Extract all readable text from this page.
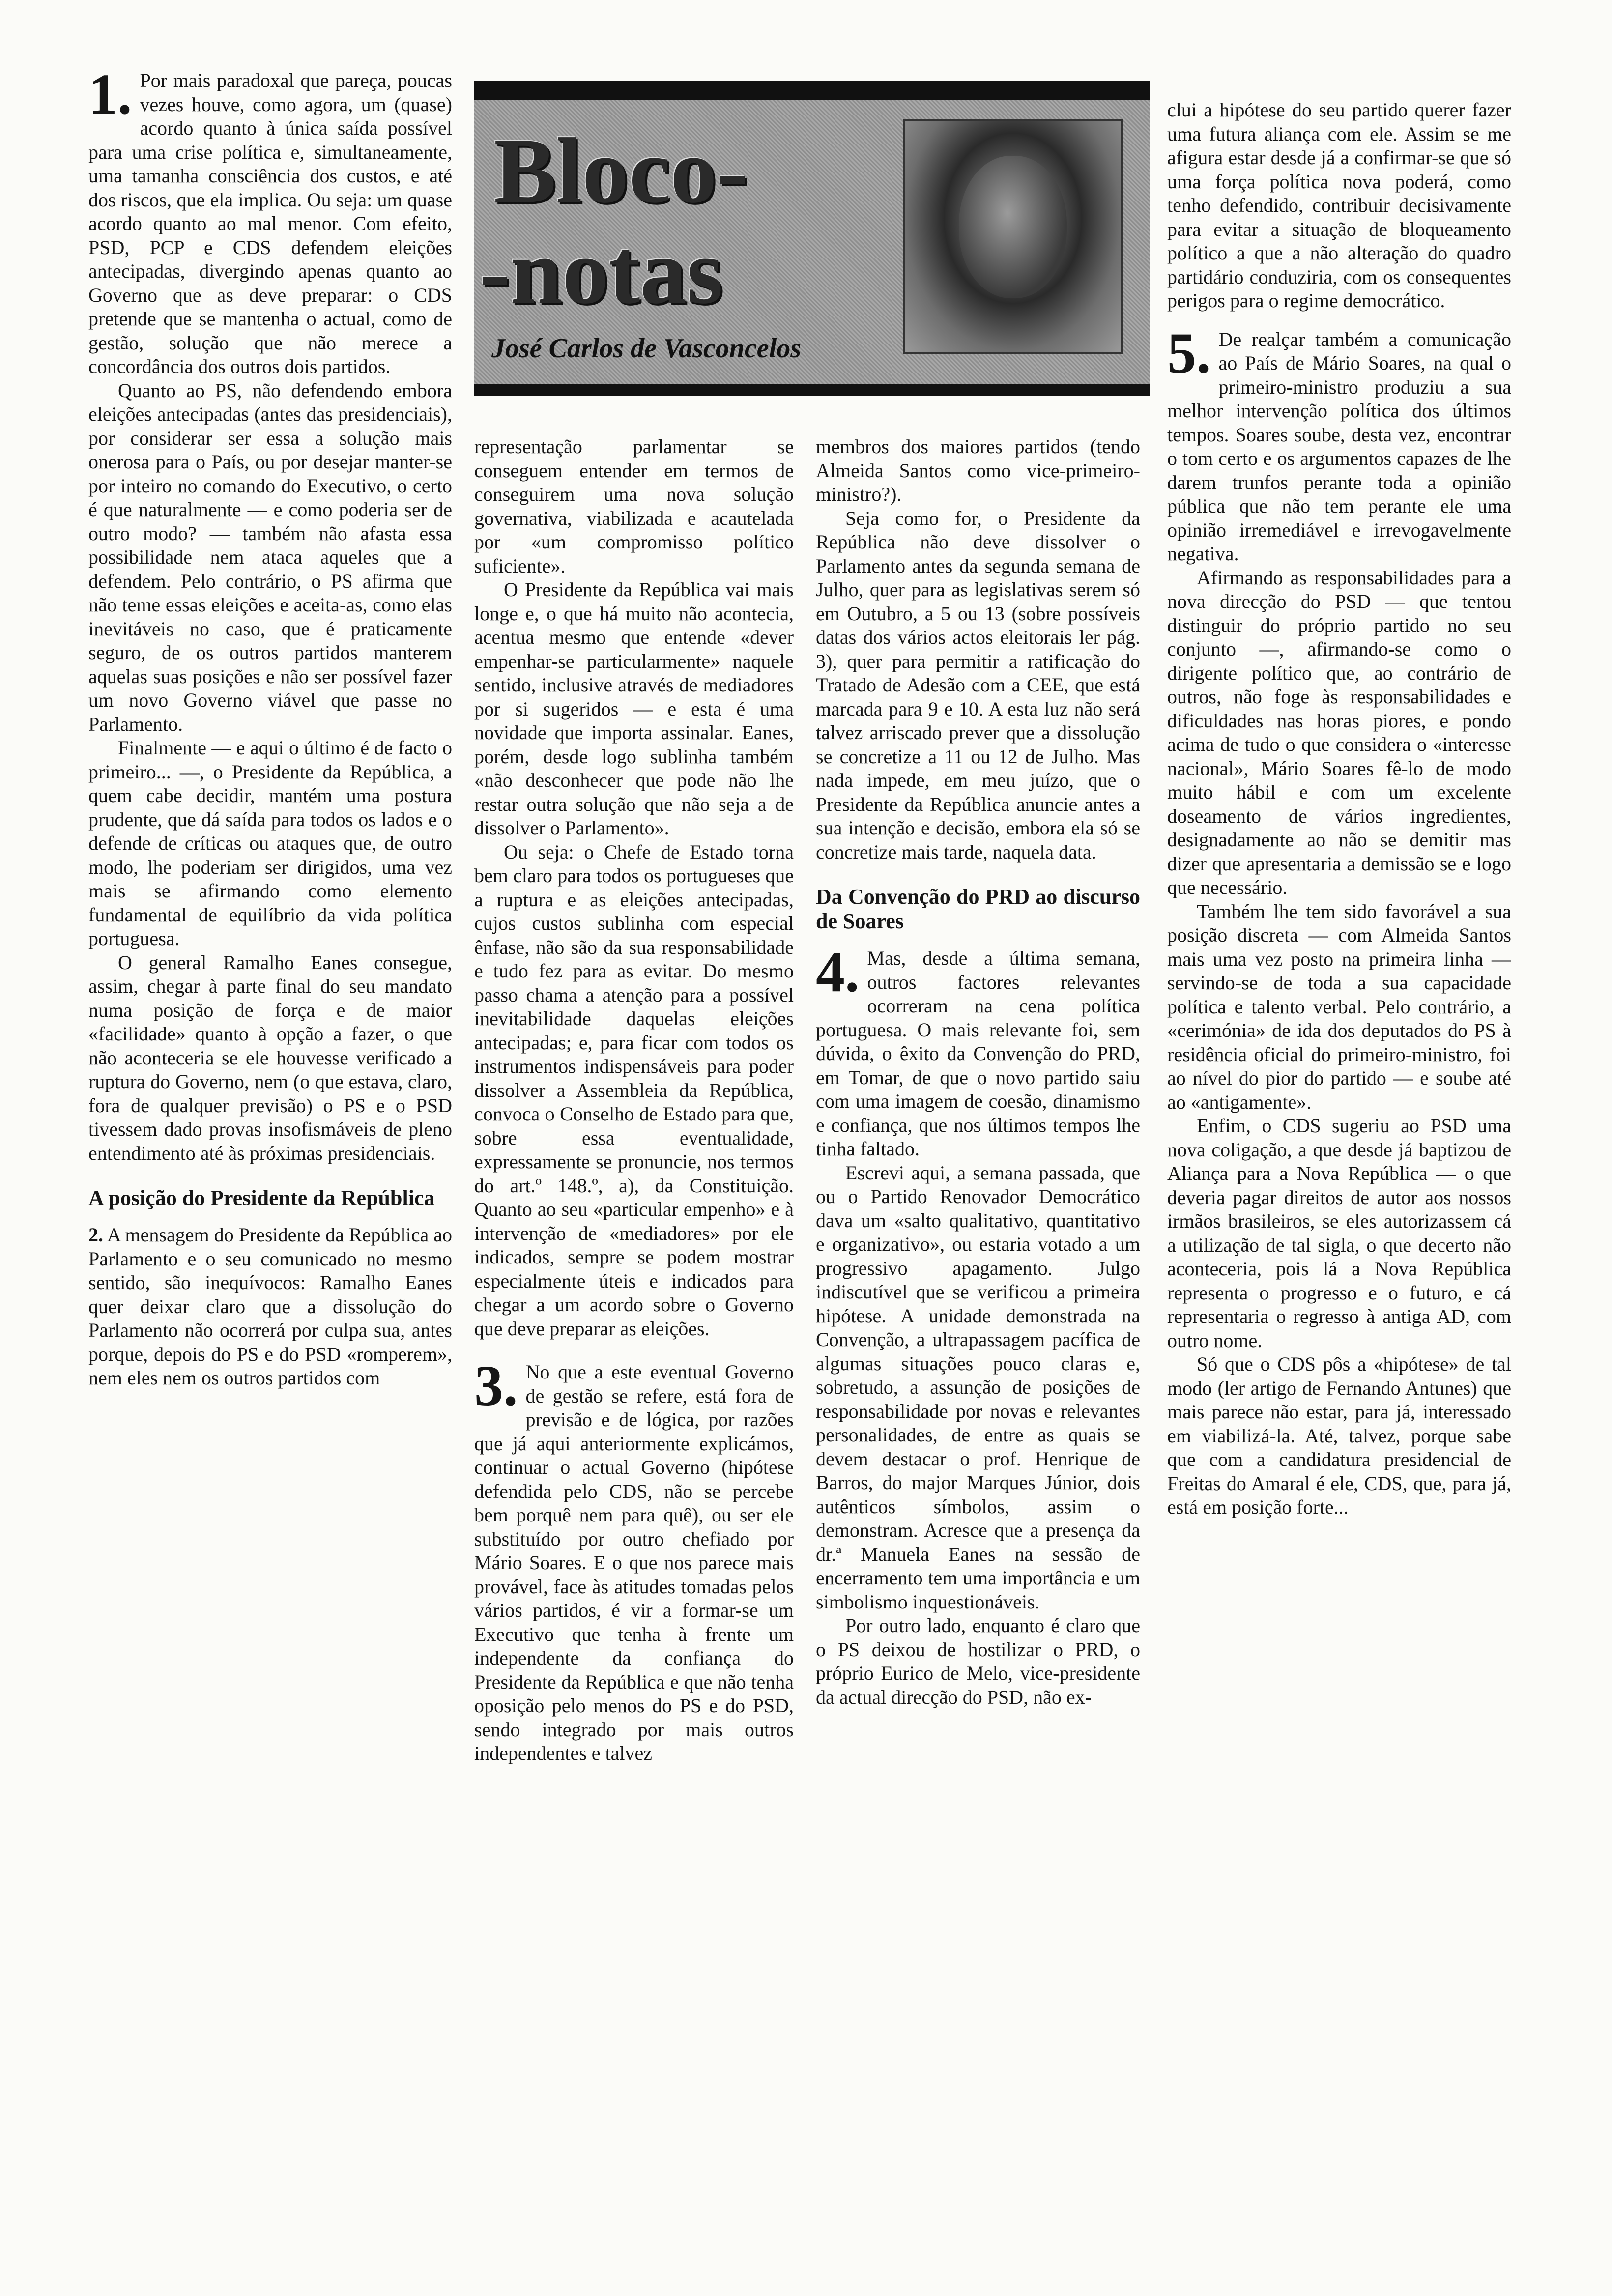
Bloco-
-notas
José Carlos de Vasconcelos
1. Por mais paradoxal que pareça, poucas vezes houve, como agora, um (quase) acordo quanto à única saída possível para uma crise política e, simultaneamente, uma tamanha consciência dos custos, e até dos riscos, que ela implica. Ou seja: um quase acordo quanto ao mal menor. Com efeito, PSD, PCP e CDS defendem eleições antecipadas, divergindo apenas quanto ao Governo que as deve preparar: o CDS pretende que se mantenha o actual, como de gestão, solução que não merece a concordância dos outros dois partidos.

Quanto ao PS, não defendendo embora eleições antecipadas (antes das presidenciais), por considerar ser essa a solução mais onerosa para o País, ou por desejar manter-se por inteiro no comando do Executivo, o certo é que naturalmente — e como poderia ser de outro modo? — também não afasta essa possibilidade nem ataca aqueles que a defendem. Pelo contrário, o PS afirma que não teme essas eleições e aceita-as, como elas inevitáveis no caso, que é praticamente seguro, de os outros partidos manterem aquelas suas posições e não ser possível fazer um novo Governo viável que passe no Parlamento.

Finalmente — e aqui o último é de facto o primeiro... —, o Presidente da República, a quem cabe decidir, mantém uma postura prudente, que dá saída para todos os lados e o defende de críticas ou ataques que, de outro modo, lhe poderiam ser dirigidos, uma vez mais se afirmando como elemento fundamental de equilíbrio da vida política portuguesa.

O general Ramalho Eanes consegue, assim, chegar à parte final do seu mandato numa posição de força e de maior «facilidade» quanto à opção a fazer, o que não aconteceria se ele houvesse verificado a ruptura do Governo, nem (o que estava, claro, fora de qualquer previsão) o PS e o PSD tivessem dado provas insofismáveis de pleno entendimento até às próximas presidenciais.

A posição do Presidente da República

2. A mensagem do Presidente da República ao Parlamento e o seu comunicado no mesmo sentido, são inequívocos: Ramalho Eanes quer deixar claro que a dissolução do Parlamento não ocorrerá por culpa sua, antes porque, depois do PS e do PSD «romperem», nem eles nem os outros partidos com

representação parlamentar se conseguem entender em termos de conseguirem uma nova solução governativa, viabilizada e acautelada por «um compromisso político suficiente».

O Presidente da República vai mais longe e, o que há muito não acontecia, acentua mesmo que entende «dever empenhar-se particularmente» naquele sentido, inclusive através de mediadores por si sugeridos — e esta é uma novidade que importa assinalar. Eanes, porém, desde logo sublinha também «não desconhecer que pode não lhe restar outra solução que não seja a de dissolver o Parlamento».

Ou seja: o Chefe de Estado torna bem claro para todos os portugueses que a ruptura e as eleições antecipadas, cujos custos sublinha com especial ênfase, não são da sua responsabilidade e tudo fez para as evitar. Do mesmo passo chama a atenção para a possível inevitabilidade daquelas eleições antecipadas; e, para ficar com todos os instrumentos indispensáveis para poder dissolver a Assembleia da República, convoca o Conselho de Estado para que, sobre essa eventualidade, expressamente se pronuncie, nos termos do art.º 148.º, a), da Constituição. Quanto ao seu «particular empenho» e à intervenção de «mediadores» por ele indicados, sempre se podem mostrar especialmente úteis e indicados para chegar a um acordo sobre o Governo que deve preparar as eleições.

3. No que a este eventual Governo de gestão se refere, está fora de previsão e de lógica, por razões que já aqui anteriormente explicámos, continuar o actual Governo (hipótese defendida pelo CDS, não se percebe bem porquê nem para quê), ou ser ele substituído por outro chefiado por Mário Soares. E o que nos parece mais provável, face às atitudes tomadas pelos vários partidos, é vir a formar-se um Executivo que tenha à frente um independente da confiança do Presidente da República e que não tenha oposição pelo menos do PS e do PSD, sendo integrado por mais outros independentes e talvez

membros dos maiores partidos (tendo Almeida Santos como vice-primeiro-ministro?).

Seja como for, o Presidente da República não deve dissolver o Parlamento antes da segunda semana de Julho, quer para as legislativas serem só em Outubro, a 5 ou 13 (sobre possíveis datas dos vários actos eleitorais ler pág. 3), quer para permitir a ratificação do Tratado de Adesão com a CEE, que está marcada para 9 e 10. A esta luz não será talvez arriscado prever que a dissolução se concretize a 11 ou 12 de Julho. Mas nada impede, em meu juízo, que o Presidente da República anuncie antes a sua intenção e decisão, embora ela só se concretize mais tarde, naquela data.

Da Convenção do PRD ao discurso de Soares
4. Mas, desde a última semana, outros factores relevantes ocorreram na cena política portuguesa. O mais relevante foi, sem dúvida, o êxito da Convenção do PRD, em Tomar, de que o novo partido saiu com uma imagem de coesão, dinamismo e confiança, que nos últimos tempos lhe tinha faltado.

Escrevi aqui, a semana passada, que ou o Partido Renovador Democrático dava um «salto qualitativo, quantitativo e organizativo», ou estaria votado a um progressivo apagamento. Julgo indiscutível que se verificou a primeira hipótese. A unidade demonstrada na Convenção, a ultrapassagem pacífica de algumas situações pouco claras e, sobretudo, a assunção de posições de responsabilidade por novas e relevantes personalidades, de entre as quais se devem destacar o prof. Henrique de Barros, do major Marques Júnior, dois autênticos símbolos, assim o demonstram. Acresce que a presença da dr.ª Manuela Eanes na sessão de encerramento tem uma importância e um simbolismo inquestionáveis.

Por outro lado, enquanto é claro que o PS deixou de hostilizar o PRD, o próprio Eurico de Melo, vice-presidente da actual direcção do PSD, não ex-

clui a hipótese do seu partido querer fazer uma futura aliança com ele. Assim se me afigura estar desde já a confirmar-se que só uma força política nova poderá, como tenho defendido, contribuir decisivamente para evitar a situação de bloqueamento político a que a não alteração do quadro partidário conduziria, com os consequentes perigos para o regime democrático.

5. De realçar também a comunicação ao País de Mário Soares, na qual o primeiro-ministro produziu a sua melhor intervenção política dos últimos tempos. Soares soube, desta vez, encontrar o tom certo e os argumentos capazes de lhe darem trunfos perante toda a opinião pública que não tem perante ele uma opinião irremediável e irrevogavelmente negativa.

Afirmando as responsabilidades para a nova direcção do PSD — que tentou distinguir do próprio partido no seu conjunto —, afirmando-se como o dirigente político que, ao contrário de outros, não foge às responsabilidades e dificuldades nas horas piores, e pondo acima de tudo o que considera o «interesse nacional», Mário Soares fê-lo de modo muito hábil e com um excelente doseamento de vários ingredientes, designadamente ao não se demitir mas dizer que apresentaria a demissão se e logo que necessário.

Também lhe tem sido favorável a sua posição discreta — com Almeida Santos mais uma vez posto na primeira linha — servindo-se de toda a sua capacidade política e talento verbal. Pelo contrário, a «cerimónia» de ida dos deputados do PS à residência oficial do primeiro-ministro, foi ao nível do pior do partido — e soube até ao «antigamente».

Enfim, o CDS sugeriu ao PSD uma nova coligação, a que desde já baptizou de Aliança para a Nova República — o que deveria pagar direitos de autor aos nossos irmãos brasileiros, se eles autorizassem cá a utilização de tal sigla, o que decerto não aconteceria, pois lá a Nova República representa o progresso e o futuro, e cá representaria o regresso à antiga AD, com outro nome.

Só que o CDS pôs a «hipótese» de tal modo (ler artigo de Fernando Antunes) que mais parece não estar, para já, interessado em viabilizá-la. Até, talvez, porque sabe que com a candidatura presidencial de Freitas do Amaral é ele, CDS, que, para já, está em posição forte...
